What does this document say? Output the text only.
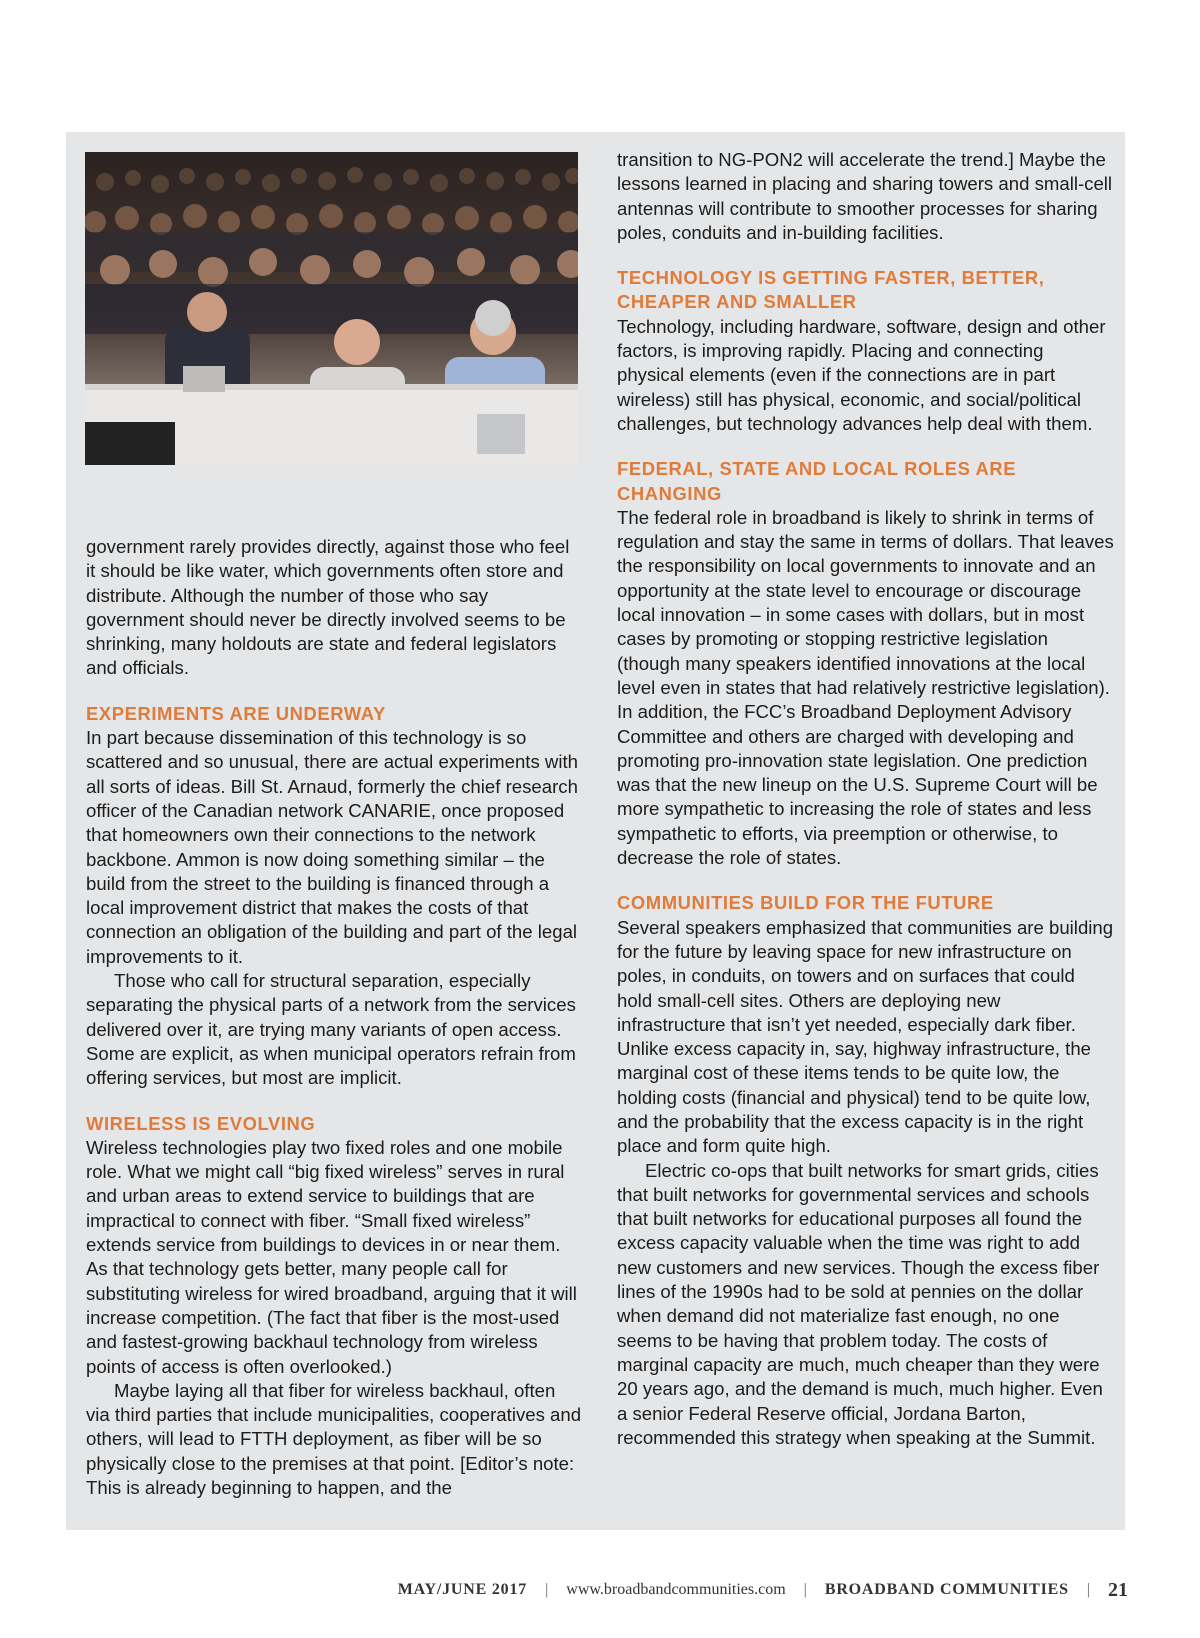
government rarely provides directly, against those who feel it should be like water, which governments often store and distribute. Although the number of those who say government should never be directly involved seems to be shrinking, many holdouts are state and federal legislators and officials.

EXPERIMENTS ARE UNDERWAY

In part because dissemination of this technology is so scattered and so unusual, there are actual experiments with all sorts of ideas. Bill St. Arnaud, formerly the chief research officer of the Canadian network CANARIE, once proposed that homeowners own their connections to the network backbone. Ammon is now doing something similar – the build from the street to the building is financed through a local improvement district that makes the costs of that connection an obligation of the building and part of the legal improvements to it.

Those who call for structural separation, especially separating the physical parts of a network from the services delivered over it, are trying many variants of open access. Some are explicit, as when municipal operators refrain from offering services, but most are implicit.

WIRELESS IS EVOLVING

Wireless technologies play two fixed roles and one mobile role. What we might call “big fixed wireless” serves in rural and urban areas to extend service to buildings that are impractical to connect with fiber. “Small fixed wireless” extends service from buildings to devices in or near them. As that technology gets better, many people call for substituting wireless for wired broadband, arguing that it will increase competition. (The fact that fiber is the most-used and fastest-growing backhaul technology from wireless points of access is often overlooked.)

Maybe laying all that fiber for wireless backhaul, often via third parties that include municipalities, cooperatives and others, will lead to FTTH deployment, as fiber will be so physically close to the premises at that point. [Editor’s note: This is already beginning to happen, and the

transition to NG-PON2 will accelerate the trend.] Maybe the lessons learned in placing and sharing towers and small-cell antennas will contribute to smoother processes for sharing poles, conduits and in-building facilities.

TECHNOLOGY IS GETTING FASTER, BETTER, CHEAPER AND SMALLER

Technology, including hardware, software, design and other factors, is improving rapidly. Placing and connecting physical elements (even if the connections are in part wireless) still has physical, economic, and social/political challenges, but technology advances help deal with them.

FEDERAL, STATE AND LOCAL ROLES ARE CHANGING

The federal role in broadband is likely to shrink in terms of regulation and stay the same in terms of dollars. That leaves the responsibility on local governments to innovate and an opportunity at the state level to encourage or discourage local innovation – in some cases with dollars, but in most cases by promoting or stopping restrictive legislation (though many speakers identified innovations at the local level even in states that had relatively restrictive legislation). In addition, the FCC’s Broadband Deployment Advisory Committee and others are charged with developing and promoting pro-innovation state legislation. One prediction was that the new lineup on the U.S. Supreme Court will be more sympathetic to increasing the role of states and less sympathetic to efforts, via preemption or otherwise, to decrease the role of states.

COMMUNITIES BUILD FOR THE FUTURE

Several speakers emphasized that communities are building for the future by leaving space for new infrastructure on poles, in conduits, on towers and on surfaces that could hold small-cell sites. Others are deploying new infrastructure that isn’t yet needed, especially dark fiber. Unlike excess capacity in, say, highway infrastructure, the marginal cost of these items tends to be quite low, the holding costs (financial and physical) tend to be quite low, and the probability that the excess capacity is in the right place and form quite high.

Electric co-ops that built networks for smart grids, cities that built networks for governmental services and schools that built networks for educational purposes all found the excess capacity valuable when the time was right to add new customers and new services. Though the excess fiber lines of the 1990s had to be sold at pennies on the dollar when demand did not materialize fast enough, no one seems to be having that problem today. The costs of marginal capacity are much, much cheaper than they were 20 years ago, and the demand is much, much higher. Even a senior Federal Reserve official, Jordana Barton, recommended this strategy when speaking at the Summit.

MAY/JUNE 2017 | www.broadbandcommunities.com | BROADBAND COMMUNITIES | 21
